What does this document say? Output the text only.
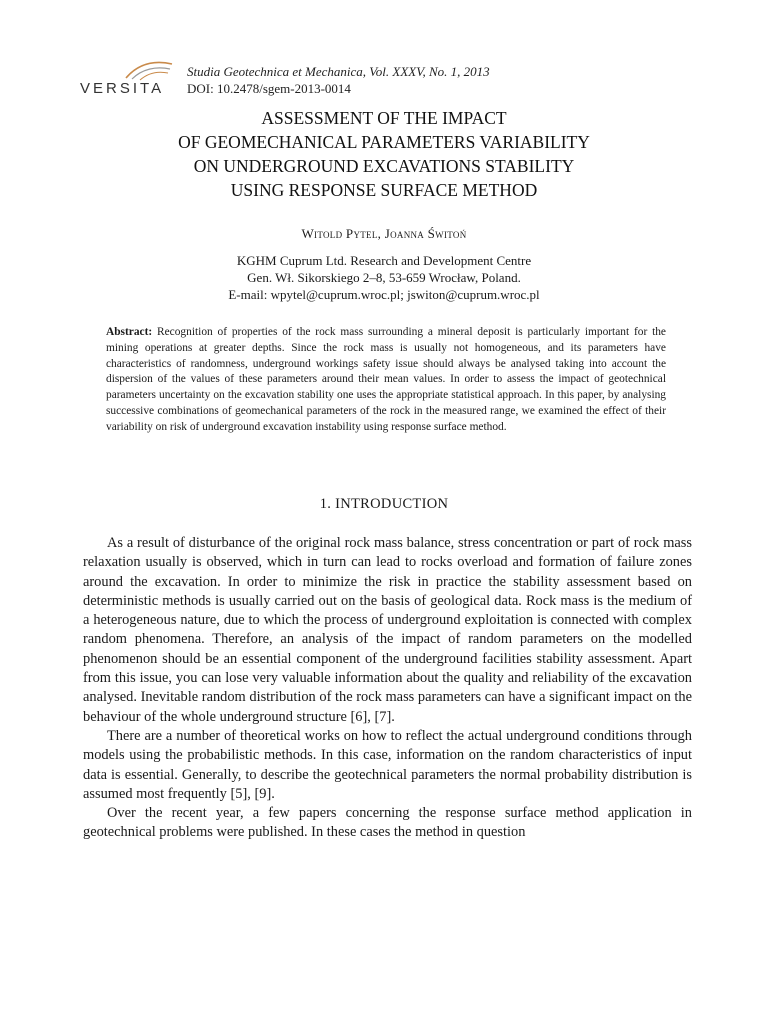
VERSITA
Studia Geotechnica et Mechanica, Vol. XXXV, No. 1, 2013
DOI: 10.2478/sgem-2013-0014
ASSESSMENT OF THE IMPACT
OF GEOMECHANICAL PARAMETERS VARIABILITY
ON UNDERGROUND EXCAVATIONS STABILITY
USING RESPONSE SURFACE METHOD
Witold Pytel, Joanna Świtoń
KGHM Cuprum Ltd. Research and Development Centre
Gen. Wł. Sikorskiego 2–8, 53-659 Wrocław, Poland.
E-mail: wpytel@cuprum.wroc.pl; jswiton@cuprum.wroc.pl
Abstract: Recognition of properties of the rock mass surrounding a mineral deposit is particularly important for the mining operations at greater depths. Since the rock mass is usually not homogeneous, and its parameters have characteristics of randomness, underground workings safety issue should always be analysed taking into account the dispersion of the values of these parameters around their mean values. In order to assess the impact of geotechnical parameters uncertainty on the excavation stability one uses the appropriate statistical approach. In this paper, by analysing successive combinations of geomechanical parameters of the rock in the measured range, we examined the effect of their variability on risk of underground excavation instability using response surface method.
1. INTRODUCTION

As a result of disturbance of the original rock mass balance, stress concentration or part of rock mass relaxation usually is observed, which in turn can lead to rocks overload and formation of failure zones around the excavation. In order to minimize the risk in practice the stability assessment based on deterministic methods is usually carried out on the basis of geological data. Rock mass is the medium of a heterogeneous nature, due to which the process of underground exploitation is connected with complex random phenomena. Therefore, an analysis of the impact of random parameters on the modelled phenomenon should be an essential component of the underground facilities stability assessment. Apart from this issue, you can lose very valuable information about the quality and reliability of the excavation analysed. Inevitable random distribution of the rock mass parameters can have a significant impact on the behaviour of the whole underground structure [6], [7].

There are a number of theoretical works on how to reflect the actual underground conditions through models using the probabilistic methods. In this case, information on the random characteristics of input data is essential. Generally, to describe the geotechnical parameters the normal probability distribution is assumed most frequently [5], [9].

Over the recent year, a few papers concerning the response surface method application in geotechnical problems were published. In these cases the method in question
